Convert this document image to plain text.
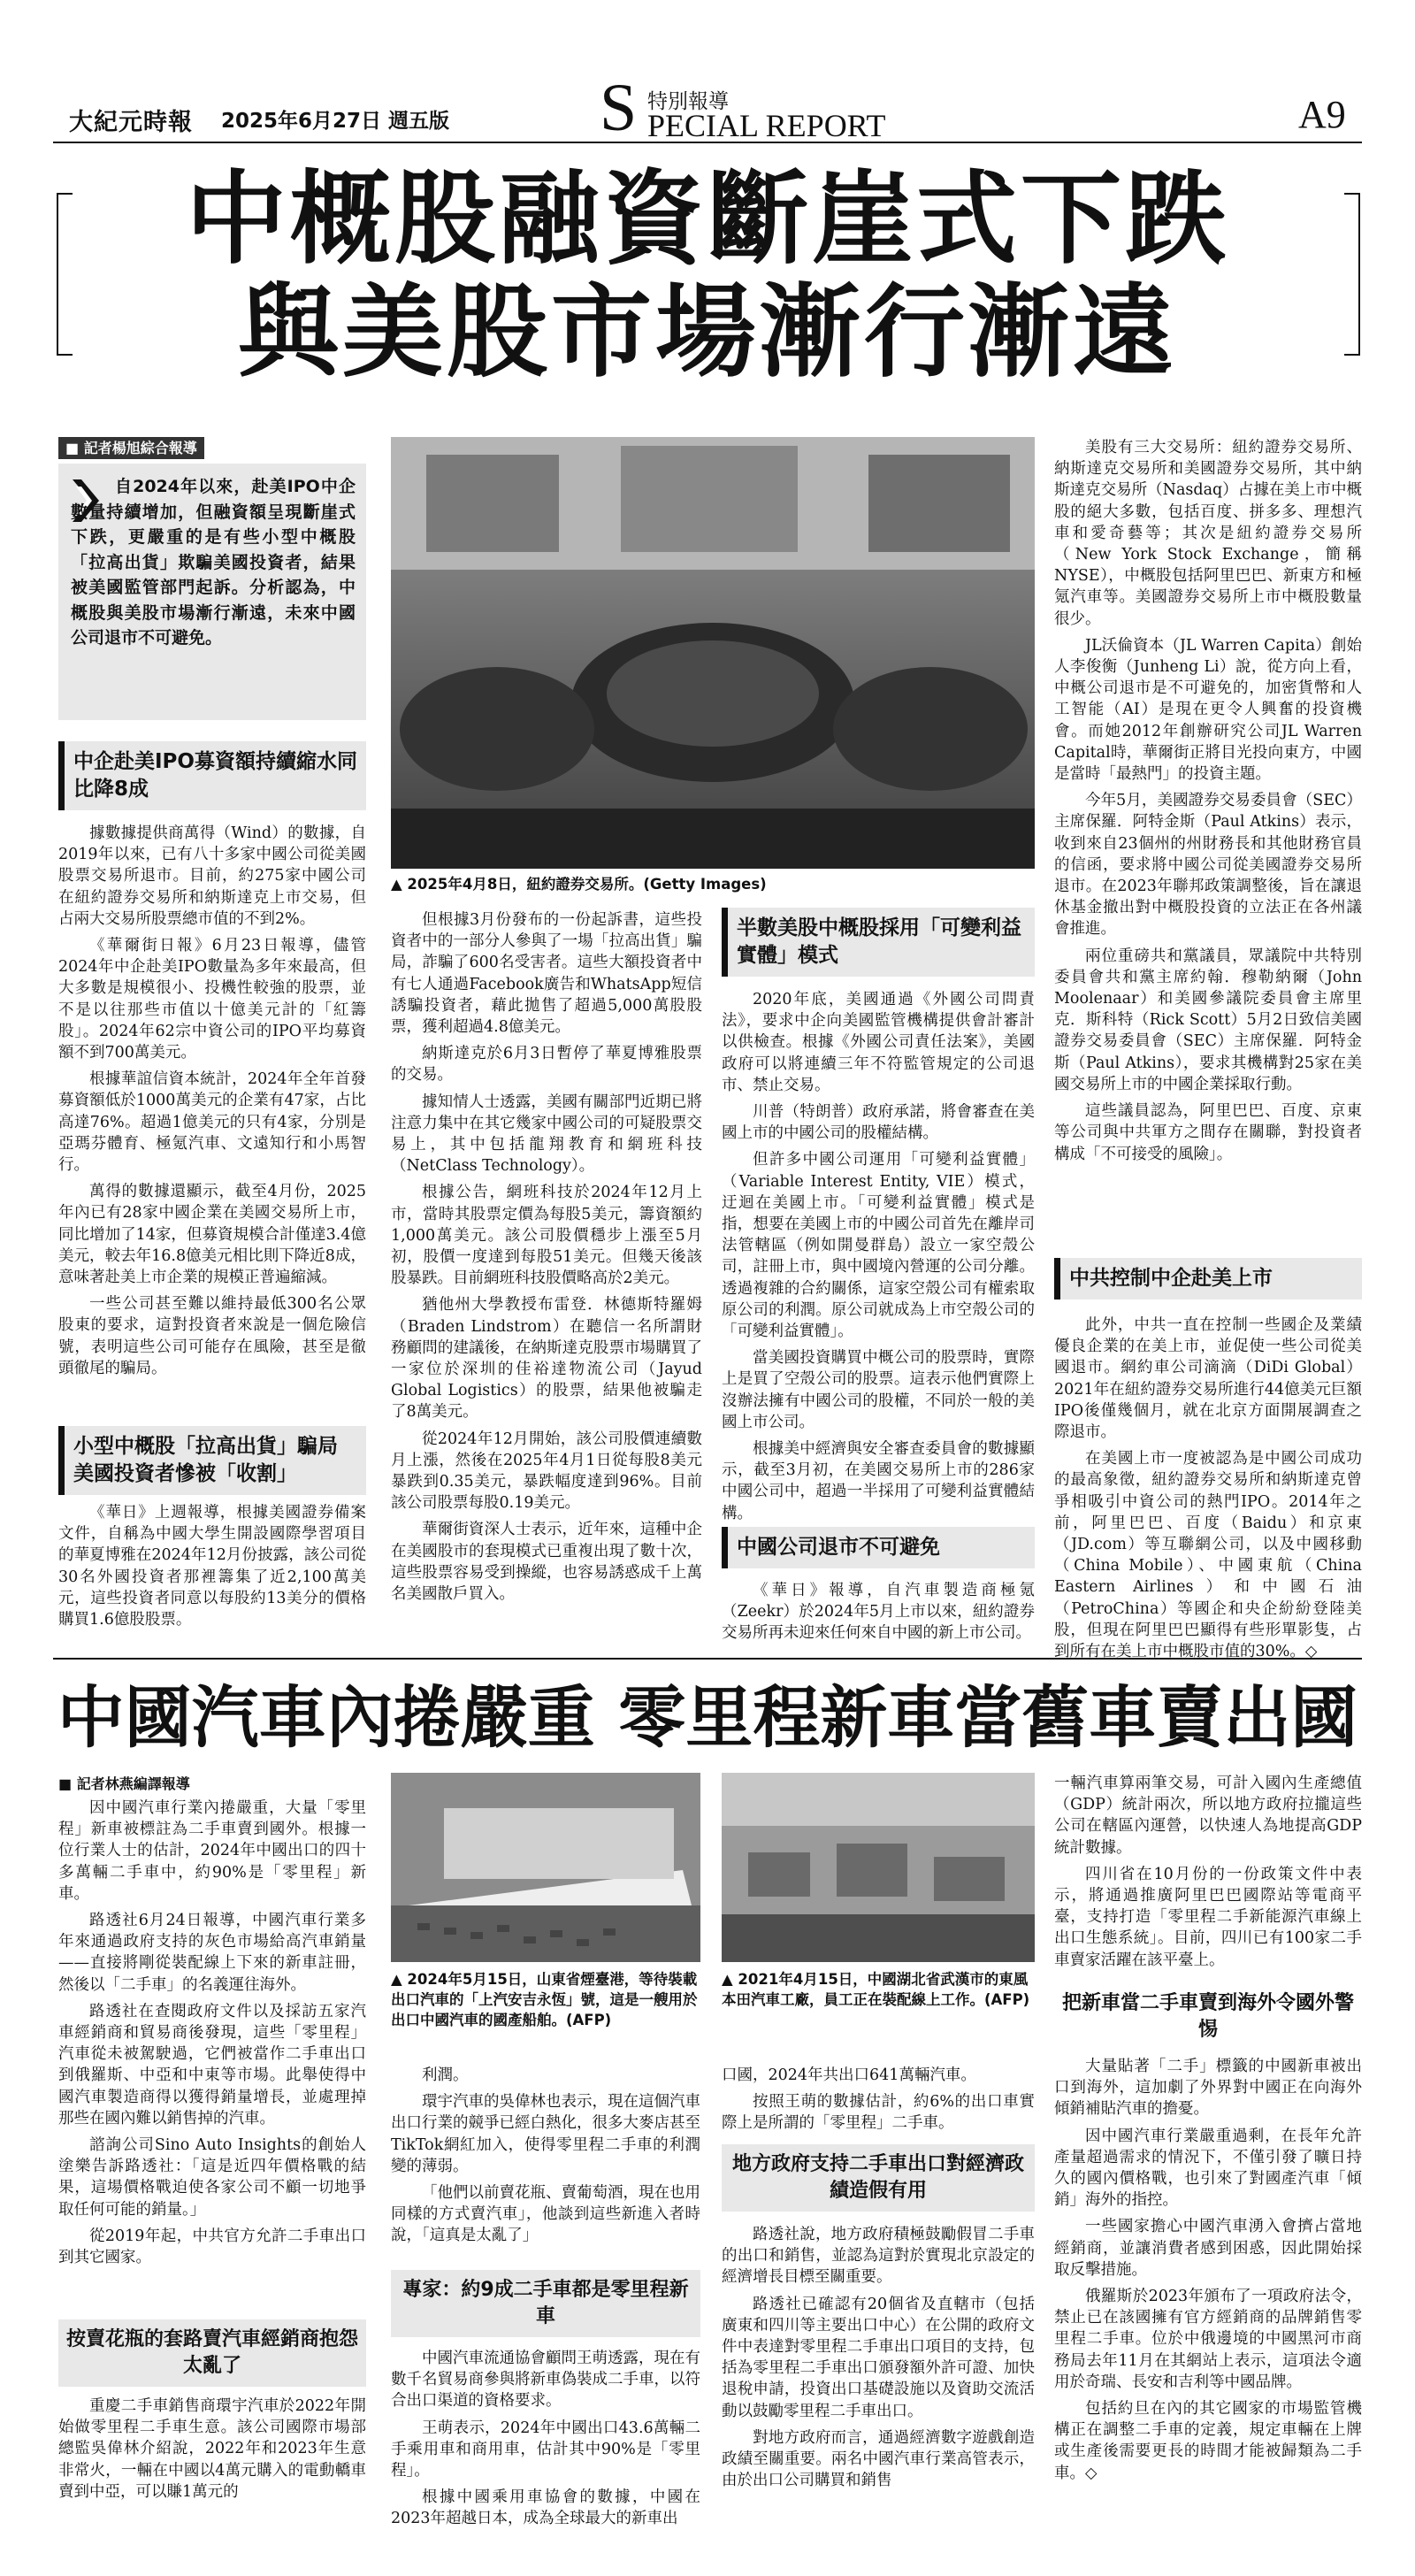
大紀元時報 2025年6月27日 週五版 S 特別報導
PECIAL REPORT	A9
中概股融資斷崖式下跌
與美股市場漸行漸遠
■ 記者楊旭綜合報導
自2024年以來，赴美IPO中企數量持續增加，但融資額呈現斷崖式下跌，更嚴重的是有些小型中概股「拉高出貨」欺騙美國投資者，結果被美國監管部門起訴。分析認為，中概股與美股市場漸行漸遠，未來中國公司退市不可避免。
中企赴美IPO募資額持續縮水同比降8成

據數據提供商萬得（Wind）的數據，自2019年以來，已有八十多家中國公司從美國股票交易所退市。目前，約275家中國公司在紐約證券交易所和納斯達克上市交易，但占兩大交易所股票總市值的不到2%。

《華爾街日報》6月23日報導，儘管2024年中企赴美IPO數量為多年來最高，但大多數是規模很小、投機性較強的股票，並不是以往那些市值以十億美元計的「紅籌股」。2024年62宗中資公司的IPO平均募資額不到700萬美元。

根據華誼信資本統計，2024年全年首發募資額低於1000萬美元的企業有47家，占比高達76%。超過1億美元的只有4家，分別是亞瑪芬體育、極氪汽車、文遠知行和小馬智行。

萬得的數據還顯示，截至4月份，2025年內已有28家中國企業在美國交易所上市，同比增加了14家，但募資規模合計僅達3.4億美元，較去年16.8億美元相比則下降近8成，意味著赴美上市企業的規模正普遍縮減。

一些公司甚至難以維持最低300名公眾股東的要求，這對投資者來說是一個危險信號，表明這些公司可能存在風險，甚至是徹頭徹尾的騙局。

小型中概股「拉高出貨」騙局美國投資者慘被「收割」

《華日》上週報導，根據美國證券備案文件，自稱為中國大學生開設國際學習項目的華夏博雅在2024年12月份披露，該公司從30名外國投資者那裡籌集了近2,100萬美元，這些投資者同意以每股約13美分的價格購買1.6億股股票。

▲ 2025年4月8日，紐約證券交易所。(Getty Images)

但根據3月份發布的一份起訴書，這些投資者中的一部分人參與了一場「拉高出貨」騙局，詐騙了600名受害者。這些大額投資者中有七人通過Facebook廣告和WhatsApp短信誘騙投資者，藉此拋售了超過5,000萬股股票，獲利超過4.8億美元。

納斯達克於6月3日暫停了華夏博雅股票的交易。

據知情人士透露，美國有關部門近期已將注意力集中在其它幾家中國公司的可疑股票交易上，其中包括龍翔教育和網班科技（NetClass Technology）。

根據公告，網班科技於2024年12月上市，當時其股票定價為每股5美元，籌資額約1,000萬美元。該公司股價穩步上漲至5月初，股價一度達到每股51美元。但幾天後該股暴跌。目前網班科技股價略高於2美元。

猶他州大學教授布雷登．林德斯特羅姆（Braden Lindstrom）在聽信一名所謂財務顧問的建議後，在納斯達克股票市場購買了一家位於深圳的佳裕達物流公司（Jayud Global Logistics）的股票，結果他被騙走了8萬美元。

從2024年12月開始，該公司股價連續數月上漲，然後在2025年4月1日從每股8美元暴跌到0.35美元，暴跌幅度達到96%。目前該公司股票每股0.19美元。

華爾街資深人士表示，近年來，這種中企在美國股市的套現模式已重複出現了數十次，這些股票容易受到操縱，也容易誘惑成千上萬名美國散戶買入。

半數美股中概股採用「可變利益實體」模式

2020年底，美國通過《外國公司問責法》，要求中企向美國監管機構提供會計審計以供檢查。根據《外國公司責任法案》，美國政府可以將連續三年不符監管規定的公司退市、禁止交易。

川普（特朗普）政府承諾，將會審查在美國上市的中國公司的股權結構。

但許多中國公司運用「可變利益實體」（Variable Interest Entity, VIE）模式，迂迴在美國上市。「可變利益實體」模式是指，想要在美國上市的中國公司首先在離岸司法管轄區（例如開曼群島）設立一家空殼公司，註冊上市，與中國境內營運的公司分離。透過複雜的合約關係，這家空殼公司有權索取原公司的利潤。原公司就成為上市空殼公司的「可變利益實體」。

當美國投資購買中概公司的股票時，實際上是買了空殼公司的股票。這表示他們實際上沒辦法擁有中國公司的股權，不同於一般的美國上市公司。

根據美中經濟與安全審查委員會的數據顯示，截至3月初，在美國交易所上市的286家中國公司中，超過一半採用了可變利益實體結構。

中國公司退市不可避免

《華日》報導，自汽車製造商極氪（Zeekr）於2024年5月上市以來，紐約證券交易所再未迎來任何來自中國的新上市公司。

美股有三大交易所：紐約證券交易所、納斯達克交易所和美國證券交易所，其中納斯達克交易所（Nasdaq）占據在美上市中概股的絕大多數，包括百度、拼多多、理想汽車和愛奇藝等；其次是紐約證券交易所（New York Stock Exchange，簡稱NYSE），中概股包括阿里巴巴、新東方和極氪汽車等。美國證券交易所上市中概股數量很少。

JL沃倫資本（JL Warren Capita）創始人李俊衡（Junheng Li）說，從方向上看，中概公司退市是不可避免的，加密貨幣和人工智能（AI）是現在更令人興奮的投資機會。而她2012年創辦研究公司JL Warren Capital時，華爾街正將目光投向東方，中國是當時「最熱門」的投資主題。

今年5月，美國證券交易委員會（SEC）主席保羅．阿特金斯（Paul Atkins）表示，收到來自23個州的州財務長和其他財務官員的信函，要求將中國公司從美國證券交易所退市。在2023年聯邦政策調整後，旨在讓退休基金撤出對中概股投資的立法正在各州議會推進。

兩位重磅共和黨議員，眾議院中共特別委員會共和黨主席約翰．穆勒納爾（John Moolenaar）和美國參議院委員會主席里克．斯科特（Rick Scott）5月2日致信美國證券交易委員會（SEC）主席保羅．阿特金斯（Paul Atkins），要求其機構對25家在美國交易所上市的中國企業採取行動。

這些議員認為，阿里巴巴、百度、京東等公司與中共軍方之間存在關聯，對投資者構成「不可接受的風險」。

中共控制中企赴美上市

此外，中共一直在控制一些國企及業績優良企業的在美上市，並促使一些公司從美國退市。網約車公司滴滴（DiDi Global）2021年在紐約證券交易所進行44億美元巨額IPO後僅幾個月，就在北京方面開展調查之際退市。

在美國上市一度被認為是中國公司成功的最高象徵，紐約證券交易所和納斯達克曾爭相吸引中資公司的熱門IPO。2014年之前，阿里巴巴、百度（Baidu）和京東（JD.com）等互聯網公司，以及中國移動（China Mobile）、中國東航（China Eastern Airlines）和中國石油（PetroChina）等國企和央企紛紛登陸美股，但現在阿里巴巴顯得有些形單影隻，占到所有在美上市中概股市值的30%。◇

中國汽車內捲嚴重 零里程新車當舊車賣出國
■ 記者林燕編譯報導

因中國汽車行業內捲嚴重，大量「零里程」新車被標註為二手車賣到國外。根據一位行業人士的估計，2024年中國出口的四十多萬輛二手車中，約90%是「零里程」新車。

路透社6月24日報導，中國汽車行業多年來通過政府支持的灰色市場給高汽車銷量——直接將剛從裝配線上下來的新車註冊，然後以「二手車」的名義運往海外。

路透社在查閱政府文件以及採訪五家汽車經銷商和貿易商後發現，這些「零里程」汽車從未被駕駛過，它們被當作二手車出口到俄羅斯、中亞和中東等市場。此舉使得中國汽車製造商得以獲得銷量增長，並處理掉那些在國內難以銷售掉的汽車。

諮詢公司Sino Auto Insights的創始人塗樂告訴路透社：「這是近四年價格戰的結果，這場價格戰迫使各家公司不顧一切地爭取任何可能的銷量。」

從2019年起，中共官方允許二手車出口到其它國家。

按賣花瓶的套路賣汽車經銷商抱怨太亂了

重慶二手車銷售商環宇汽車於2022年開始做零里程二手車生意。該公司國際市場部總監吳偉林介紹說，2022年和2023年生意非常火，一輛在中國以4萬元購入的電動轎車賣到中亞，可以賺1萬元的

▲ 2024年5月15日，山東省煙臺港，等待裝載出口汽車的「上汽安吉永恆」號，這是一艘用於出口中國汽車的國產船舶。(AFP)
▲ 2021年4月15日，中國湖北省武漢市的東風本田汽車工廠，員工正在裝配線上工作。(AFP)

利潤。

環宇汽車的吳偉林也表示，現在這個汽車出口行業的競爭已經白熱化，很多大麥店甚至TikTok網紅加入，使得零里程二手車的利潤變的薄弱。

「他們以前賣花瓶、賣葡萄酒，現在也用同樣的方式賣汽車」，他談到這些新進入者時說，「這真是太亂了」

專家：約9成二手車都是零里程新車

中國汽車流通協會顧問王萌透露，現在有數千名貿易商參與將新車偽裝成二手車，以符合出口渠道的資格要求。

王萌表示，2024年中國出口43.6萬輛二手乘用車和商用車，估計其中90%是「零里程」。

根據中國乘用車協會的數據，中國在2023年超越日本，成為全球最大的新車出

口國，2024年共出口641萬輛汽車。

按照王萌的數據估計，約6%的出口車實際上是所謂的「零里程」二手車。

地方政府支持二手車出口對經濟政績造假有用

路透社說，地方政府積極鼓勵假冒二手車的出口和銷售，並認為這對於實現北京設定的經濟增長目標至關重要。

路透社已確認有20個省及直轄市（包括廣東和四川等主要出口中心）在公開的政府文件中表達對零里程二手車出口項目的支持，包括為零里程二手車出口頒發額外許可證、加快退稅申請，投資出口基礎設施以及資助交流活動以鼓勵零里程二手車出口。

對地方政府而言，通過經濟數字遊戲創造政績至關重要。兩名中國汽車行業高管表示，由於出口公司購買和銷售

一輛汽車算兩筆交易，可計入國內生產總值（GDP）統計兩次，所以地方政府拉攏這些公司在轄區內運營，以快速人為地提高GDP統計數據。

四川省在10月份的一份政策文件中表示，將通過推廣阿里巴巴國際站等電商平臺，支持打造「零里程二手新能源汽車線上出口生態系統」。目前，四川已有100家二手車賣家活躍在該平臺上。

把新車當二手車賣到海外令國外警惕

大量貼著「二手」標籤的中國新車被出口到海外，這加劇了外界對中國正在向海外傾銷補貼汽車的擔憂。

因中國汽車行業嚴重過剩，在長年允許產量超過需求的情況下，不僅引發了曠日持久的國內價格戰，也引來了對國產汽車「傾銷」海外的指控。

一些國家擔心中國汽車湧入會擠占當地經銷商，並讓消費者感到困惑，因此開始採取反擊措施。

俄羅斯於2023年頒布了一項政府法令，禁止已在該國擁有官方經銷商的品牌銷售零里程二手車。位於中俄邊境的中國黑河市商務局去年11月在其網站上表示，這項法令適用於奇瑞、長安和吉利等中國品牌。

包括約旦在內的其它國家的市場監管機構正在調整二手車的定義，規定車輛在上牌或生產後需要更長的時間才能被歸類為二手車。◇
